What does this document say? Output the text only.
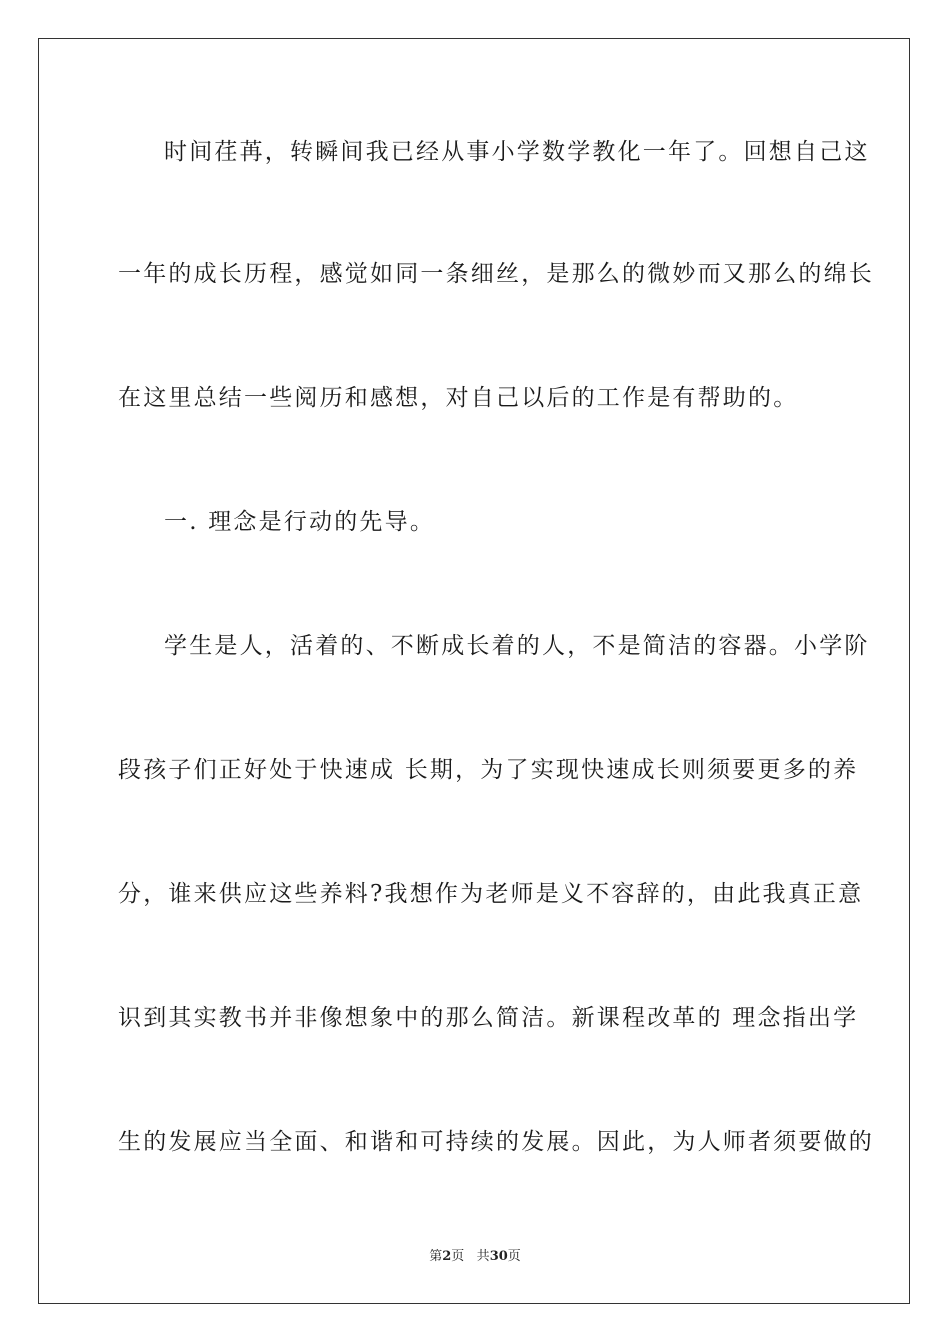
时间荏苒，转瞬间我已经从事小学数学教化一年了。回想自己这
一年的成长历程，感觉如同一条细丝，是那么的微妙而又那么的绵长
在这里总结一些阅历和感想，对自己以后的工作是有帮助的。
一. 理念是行动的先导。
学生是人，活着的、不断成长着的人，不是简洁的容器。小学阶
段孩子们正好处于快速成 长期，为了实现快速成长则须要更多的养
分，谁来供应这些养料?我想作为老师是义不容辞的，由此我真正意
识到其实教书并非像想象中的那么简洁。新课程改革的 理念指出学
生的发展应当全面、和谐和可持续的发展。因此，为人师者须要做的
第2页 共30页
